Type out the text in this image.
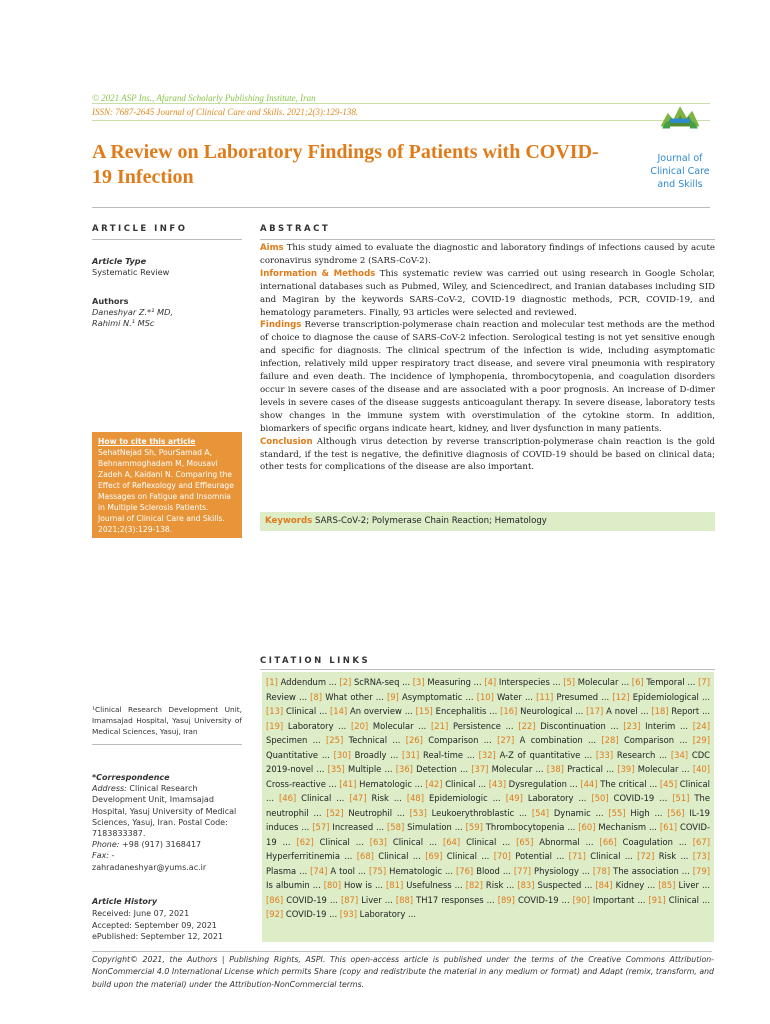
© 2021 ASP Ins., Afarand Scholarly Publishing Institute, Iran
ISSN: 7687-2645 Journal of Clinical Care and Skills. 2021;2(3):129-138.
A Review on Laboratory Findings of Patients with COVID-19 Infection
Journal of
Clinical Care
and Skills
ARTICLE INFO	ABSTRACT
Article Type
Systematic Review
Authors
Daneshyar Z.*¹ MD,
Rahimi N.¹ MSc
How to cite this article
SehatNejad Sh, PourSamad A, Behnammoghadam M, Mousavi Zadeh A, Kaidani N. Comparing the Effect of Reflexology and Effleurage Massages on Fatigue and Insomnia in Multiple Sclerosis Patients. Journal of Clinical Care and Skills. 2021;2(3):129-138.
Aims This study aimed to evaluate the diagnostic and laboratory findings of infections caused by acute coronavirus syndrome 2 (SARS-CoV-2).
Information & Methods This systematic review was carried out using research in Google Scholar, international databases such as Pubmed, Wiley, and Sciencedirect, and Iranian databases including SID and Magiran by the keywords SARS-CoV-2, COVID-19 diagnostic methods, PCR, COVID-19, and hematology parameters. Finally, 93 articles were selected and reviewed.
Findings Reverse transcription-polymerase chain reaction and molecular test methods are the method of choice to diagnose the cause of SARS-CoV-2 infection. Serological testing is not yet sensitive enough and specific for diagnosis. The clinical spectrum of the infection is wide, including asymptomatic infection, relatively mild upper respiratory tract disease, and severe viral pneumonia with respiratory failure and even death. The incidence of lymphopenia, thrombocytopenia, and coagulation disorders occur in severe cases of the disease and are associated with a poor prognosis. An increase of D-dimer levels in severe cases of the disease suggests anticoagulant therapy. In severe disease, laboratory tests show changes in the immune system with overstimulation of the cytokine storm. In addition, biomarkers of specific organs indicate heart, kidney, and liver dysfunction in many patients.
Conclusion Although virus detection by reverse transcription-polymerase chain reaction is the gold standard, if the test is negative, the definitive diagnosis of COVID-19 should be based on clinical data; other tests for complications of the disease are also important.
Keywords SARS-CoV-2; Polymerase Chain Reaction; Hematology
CITATION LINKS
[1] Addendum ... [2] ScRNA-seq ... [3] Measuring ... [4] Interspecies ... [5] Molecular ... [6] Temporal ... [7] Review ... [8] What other ... [9] Asymptomatic ... [10] Water ... [11] Presumed ... [12] Epidemiological ... [13] Clinical ... [14] An overview ... [15] Encephalitis ... [16] Neurological ... [17] A novel ... [18] Report ... [19] Laboratory ... [20] Molecular ... [21] Persistence ... [22] Discontinuation ... [23] Interim ... [24] Specimen ... [25] Technical ... [26] Comparison ... [27] A combination ... [28] Comparison ... [29] Quantitative ... [30] Broadly ... [31] Real-time ... [32] A-Z of quantitative ... [33] Research ... [34] CDC 2019-novel ... [35] Multiple ... [36] Detection ... [37] Molecular ... [38] Practical ... [39] Molecular ... [40] Cross-reactive ... [41] Hematologic ... [42] Clinical ... [43] Dysregulation ... [44] The critical ... [45] Clinical ... [46] Clinical ... [47] Risk ... [48] Epidemiologic ... [49] Laboratory ... [50] COVID-19 ... [51] The neutrophil ... [52] Neutrophil ... [53] Leukoerythroblastic ... [54] Dynamic ... [55] High ... [56] IL-19 induces ... [57] Increased ... [58] Simulation ... [59] Thrombocytopenia ... [60] Mechanism ... [61] COVID-19 ... [62] Clinical ... [63] Clinical ... [64] Clinical ... [65] Abnormal ... [66] Coagulation ... [67] Hyperferritinemia ... [68] Clinical ... [69] Clinical ... [70] Potential ... [71] Clinical ... [72] Risk ... [73] Plasma ... [74] A tool ... [75] Hematologic ... [76] Blood ... [77] Physiology ... [78] The association ... [79] Is albumin ... [80] How is ... [81] Usefulness ... [82] Risk ... [83] Suspected ... [84] Kidney ... [85] Liver ... [86] COVID-19 ... [87] Liver ... [88] TH17 responses ... [89] COVID-19 ... [90] Important ... [91] Clinical ... [92] COVID-19 ... [93] Laboratory ...
¹Clinical Research Development Unit, Imamsajad Hospital, Yasuj University of Medical Sciences, Yasuj, Iran
*Correspondence
Address: Clinical Research Development Unit, Imamsajad Hospital, Yasuj University of Medical Sciences, Yasuj, Iran. Postal Code: 7183833387.
Phone: +98 (917) 3168417
Fax: -
zahradaneshyar@yums.ac.ir
Article History
Received: June 07, 2021
Accepted: September 09, 2021
ePublished: September 12, 2021
Copyright© 2021, the Authors | Publishing Rights, ASPI. This open-access article is published under the terms of the Creative Commons Attribution-NonCommercial 4.0 International License which permits Share (copy and redistribute the material in any medium or format) and Adapt (remix, transform, and build upon the material) under the Attribution-NonCommercial terms.
